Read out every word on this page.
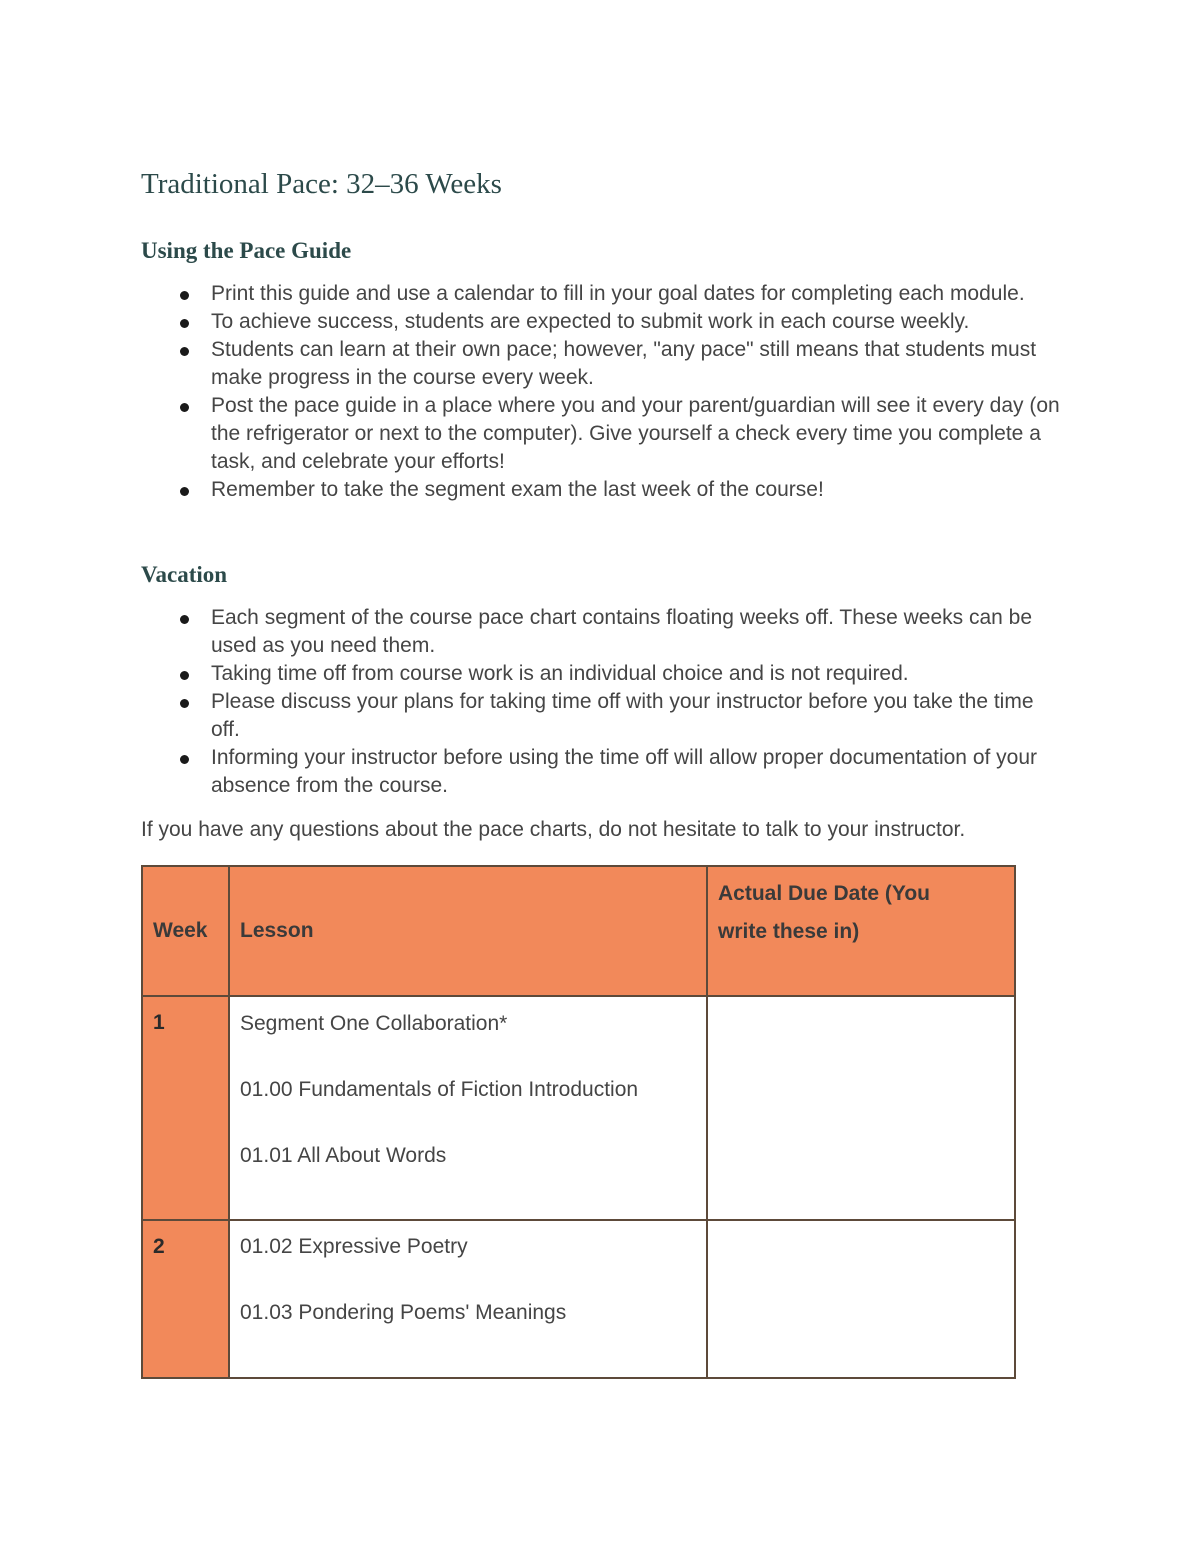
Traditional Pace: 32–36 Weeks
Using the Pace Guide
Print this guide and use a calendar to fill in your goal dates for completing each module.
To achieve success, students are expected to submit work in each course weekly.
Students can learn at their own pace; however, "any pace" still means that students must make progress in the course every week.
Post the pace guide in a place where you and your parent/guardian will see it every day (on the refrigerator or next to the computer). Give yourself a check every time you complete a task, and celebrate your efforts!
Remember to take the segment exam the last week of the course!
Vacation
Each segment of the course pace chart contains floating weeks off. These weeks can be used as you need them.
Taking time off from course work is an individual choice and is not required.
Please discuss your plans for taking time off with your instructor before you take the time off.
Informing your instructor before using the time off will allow proper documentation of your absence from the course.

If you have any questions about the pace charts, do not hesitate to talk to your instructor.

Week	Lesson	Actual Due Date (You
write these in)

1	Segment One Collaboration*
01.00 Fundamentals of Fiction Introduction
01.01 All About Words	

2	01.02 Expressive Poetry
01.03 Pondering Poems' Meanings	
